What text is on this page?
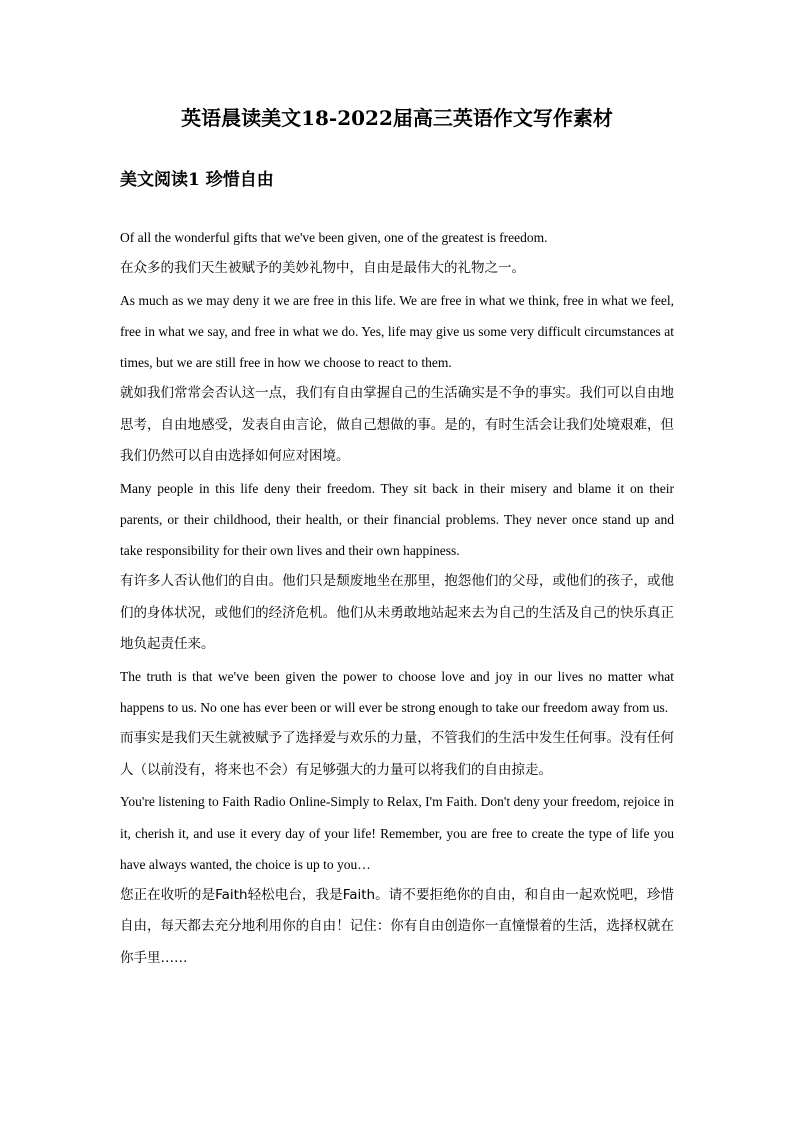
英语晨读美文18-2022届高三英语作文写作素材
美文阅读1 珍惜自由

Of all the wonderful gifts that we've been given, one of the greatest is freedom.

在众多的我们天生被赋予的美妙礼物中，自由是最伟大的礼物之一。

As much as we may deny it we are free in this life. We are free in what we think, free in what we feel, free in what we say, and free in what we do. Yes, life may give us some very difficult circumstances at times, but we are still free in how we choose to react to them.

就如我们常常会否认这一点，我们有自由掌握自己的生活确实是不争的事实。我们可以自由地思考，自由地感受，发表自由言论，做自己想做的事。是的，有时生活会让我们处境艰难，但我们仍然可以自由选择如何应对困境。

Many people in this life deny their freedom. They sit back in their misery and blame it on their parents, or their childhood, their health, or their financial problems. They never once stand up and take responsibility for their own lives and their own happiness.

有许多人否认他们的自由。他们只是颓废地坐在那里，抱怨他们的父母，或他们的孩子，或他们的身体状况，或他们的经济危机。他们从未勇敢地站起来去为自己的生活及自己的快乐真正地负起责任来。

The truth is that we've been given the power to choose love and joy in our lives no matter what happens to us. No one has ever been or will ever be strong enough to take our freedom away from us.

而事实是我们天生就被赋予了选择爱与欢乐的力量，不管我们的生活中发生任何事。没有任何人（以前没有，将来也不会）有足够强大的力量可以将我们的自由掠走。

You're listening to Faith Radio Online-Simply to Relax, I'm Faith. Don't deny your freedom, rejoice in it, cherish it, and use it every day of your life! Remember, you are free to create the type of life you have always wanted, the choice is up to you…

您正在收听的是Faith轻松电台，我是Faith。请不要拒绝你的自由，和自由一起欢悦吧，珍惜自由，每天都去充分地利用你的自由！记住：你有自由创造你一直憧憬着的生活，选择权就在你手里……
